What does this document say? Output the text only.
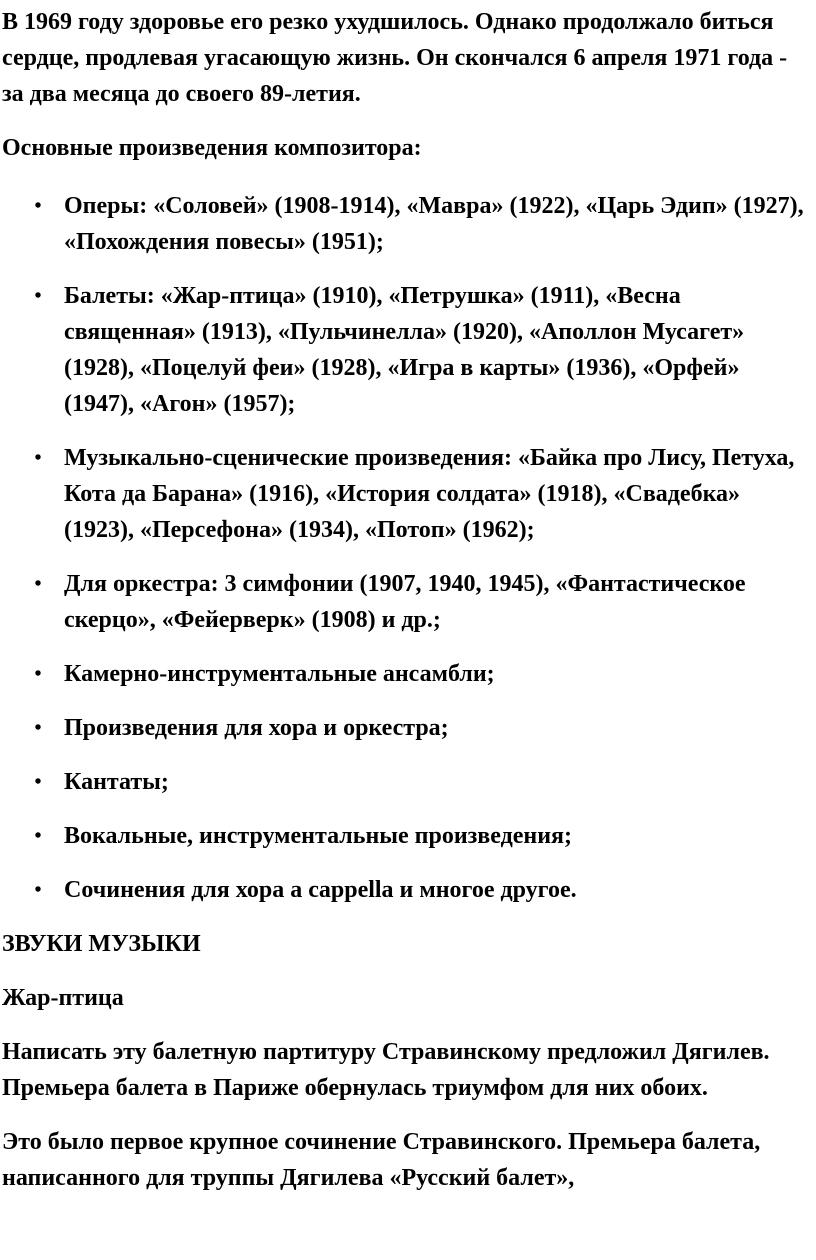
В 1969 году здоровье его резко ухудшилось. Однако продолжало биться сердце, продлевая угасающую жизнь. Он скончался 6 апреля 1971 года - за два месяца до своего 89-летия.

Основные произведения композитора:

• Оперы: «Соловей» (1908-1914), «Мавра» (1922), «Царь Эдип» (1927), «Похождения повесы» (1951);
• Балеты: «Жар-птица» (1910), «Петрушка» (1911), «Весна священная» (1913), «Пульчинелла» (1920), «Аполлон Мусагет» (1928), «Поцелуй феи» (1928), «Игра в карты» (1936), «Орфей» (1947), «Агон» (1957);
• Музыкально-сценические произведения: «Байка про Лису, Петуха, Кота да Барана» (1916), «История солдата» (1918), «Свадебка» (1923), «Персефона» (1934), «Потоп» (1962);
• Для оркестра: 3 симфонии (1907, 1940, 1945), «Фантастическое скерцо», «Фейерверк» (1908) и др.;
• Камерно-инструментальные ансамбли;
• Произведения для хора и оркестра;
• Кантаты;
• Вокальные, инструментальные произведения;
• Сочинения для хора a cappella и многое другое.

ЗВУКИ МУЗЫКИ

Жар-птица

Написать эту балетную партитуру Стравинскому предложил Дягилев. Премьера балета в Париже обернулась триумфом для них обоих.

Это было первое крупное сочинение Стравинского. Премьера балета, написанного для труппы Дягилева «Русский балет»,
